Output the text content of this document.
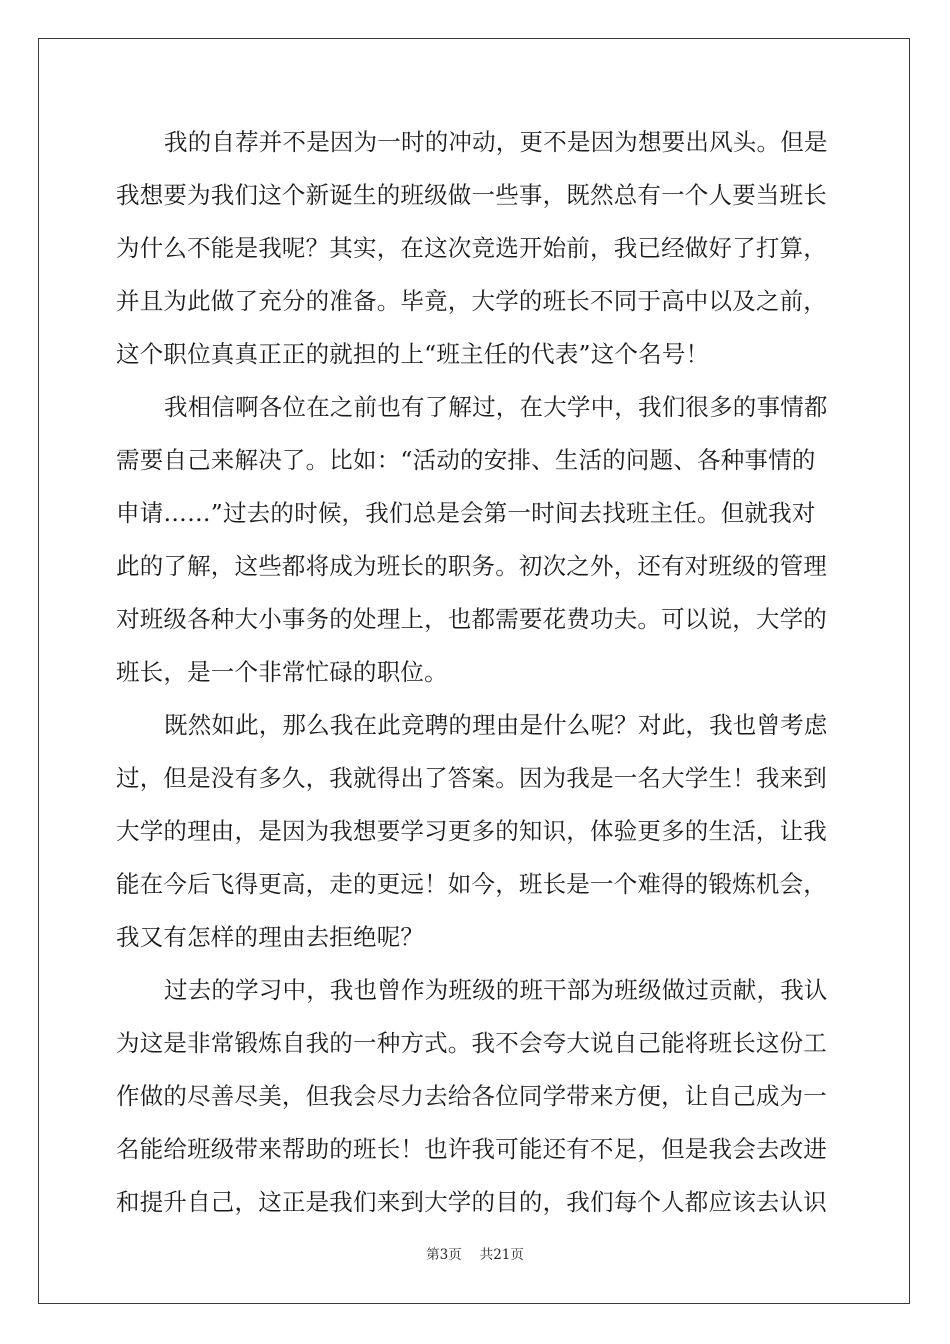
我的自荐并不是因为一时的冲动，更不是因为想要出风头。但是
我想要为我们这个新诞生的班级做一些事，既然总有一个人要当班长
为什么不能是我呢？其实，在这次竞选开始前，我已经做好了打算，
并且为此做了充分的准备。毕竟，大学的班长不同于高中以及之前，
这个职位真真正正的就担的上“班主任的代表”这个名号！
我相信啊各位在之前也有了解过，在大学中，我们很多的事情都
需要自己来解决了。比如：“活动的安排、生活的问题、各种事情的
申请……”过去的时候，我们总是会第一时间去找班主任。但就我对
此的了解，这些都将成为班长的职务。初次之外，还有对班级的管理
对班级各种大小事务的处理上，也都需要花费功夫。可以说，大学的
班长，是一个非常忙碌的职位。
既然如此，那么我在此竞聘的理由是什么呢？对此，我也曾考虑
过，但是没有多久，我就得出了答案。因为我是一名大学生！我来到
大学的理由，是因为我想要学习更多的知识，体验更多的生活，让我
能在今后飞得更高，走的更远！如今，班长是一个难得的锻炼机会，
我又有怎样的理由去拒绝呢？
过去的学习中，我也曾作为班级的班干部为班级做过贡献，我认
为这是非常锻炼自我的一种方式。我不会夸大说自己能将班长这份工
作做的尽善尽美，但我会尽力去给各位同学带来方便，让自己成为一
名能给班级带来帮助的班长！也许我可能还有不足，但是我会去改进
和提升自己，这正是我们来到大学的目的，我们每个人都应该去认识
第3页 共21页
